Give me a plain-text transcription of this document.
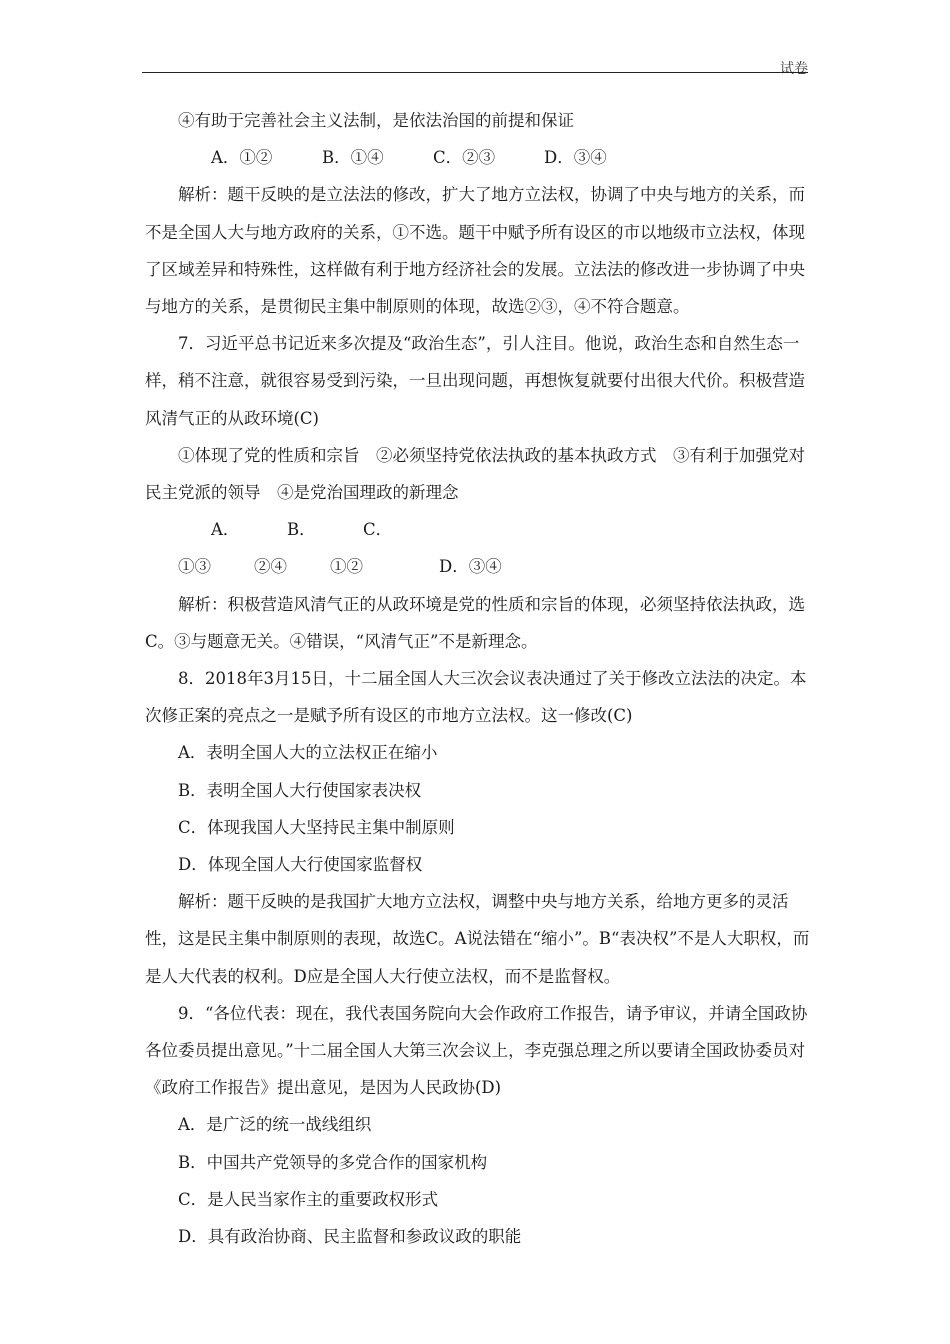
试卷

④有助于完善社会主义法制，是依法治国的前提和保证

A．①②	B．①④	C．②③	D．③④

解析：题干反映的是立法法的修改，扩大了地方立法权，协调了中央与地方的关系，而不是全国人大与地方政府的关系，①不选。题干中赋予所有设区的市以地级市立法权，体现了区域差异和特殊性，这样做有利于地方经济社会的发展。立法法的修改进一步协调了中央与地方的关系，是贯彻民主集中制原则的体现，故选②③，④不符合题意。

7．习近平总书记近来多次提及“政治生态”，引人注目。他说，政治生态和自然生态一样，稍不注意，就很容易受到污染，一旦出现问题，再想恢复就要付出很大代价。积极营造风清气正的从政环境(C)

①体现了党的性质和宗旨　②必须坚持党依法执政的基本执政方式　③有利于加强党对民主党派的领导　④是党治国理政的新理念

A．①③B．②④C．①②	D．③④

解析：积极营造风清气正的从政环境是党的性质和宗旨的体现，必须坚持依法执政，选C。③与题意无关。④错误，“风清气正”不是新理念。

8．2018年3月15日，十二届全国人大三次会议表决通过了关于修改立法法的决定。本次修正案的亮点之一是赋予所有设区的市地方立法权。这一修改(C)

A．表明全国人大的立法权正在缩小

B．表明全国人大行使国家表决权

C．体现我国人大坚持民主集中制原则

D．体现全国人大行使国家监督权

解析：题干反映的是我国扩大地方立法权，调整中央与地方关系，给地方更多的灵活性，这是民主集中制原则的表现，故选C。A说法错在“缩小”。B“表决权”不是人大职权，而是人大代表的权利。D应是全国人大行使立法权，而不是监督权。

9．“各位代表：现在，我代表国务院向大会作政府工作报告，请予审议，并请全国政协各位委员提出意见。”十二届全国人大第三次会议上，李克强总理之所以要请全国政协委员对《政府工作报告》提出意见，是因为人民政协(D)

A．是广泛的统一战线组织

B．中国共产党领导的多党合作的国家机构

C．是人民当家作主的重要政权形式

D．具有政治协商、民主监督和参政议政的职能
